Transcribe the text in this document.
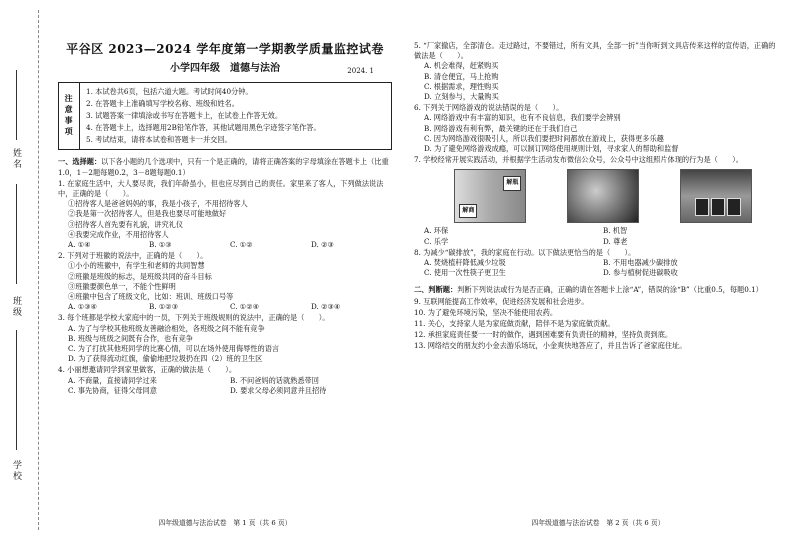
姓名
班级
学校
平谷区 2023—2024 学年度第一学期教学质量监控试卷
小学四年级　道德与法治	2024. 1
注意事项
1. 本试卷共6页，包括六道大题。考试时间40分钟。
2. 在答题卡上准确填写学校名称、班级和姓名。
3. 试题答案一律填涂或书写在答题卡上，在试卷上作答无效。
4. 在答题卡上，选择题用2B铅笔作答，其他试题用黑色字迹签字笔作答。
5. 考试结束，请将本试卷和答题卡一并交回。
一、选择题：以下各小题的几个选项中，只有一个是正确的，请将正确答案的字母填涂在答题卡上（比重1.0，1－2题每题0.2，3－8题每题0.1）
1. 在家庭生活中，大人要尽责，我们年龄虽小，但也应尽到自己的责任。家里来了客人，下列做法说法中，正确的是（　　）。
①招待客人是爸爸妈妈的事，我是小孩子，不用招待客人
②我是第一次招待客人，但是我也要尽可能地做好
③招待客人首先要有礼貌，讲究礼仪
④我要完成作业，不用招待客人
A. ①④	B. ①③	C. ①②	D. ②③
2. 下列对于班徽的说法中，正确的是（　　）。
①小小的班徽中，有学生和老师的共同智慧
②班徽是班级的标志，是班级共同的奋斗目标
③班徽要颜色单一，不能个性鲜明
④班徽中包含了班级文化，比如：班训、班级口号等
A. ①③④	B. ①②③	C. ①②④	D. ②③④
3. 每个班都是学校大家庭中的一员，下列关于班级规则的说法中，正确的是（　　）。
A. 为了与学校其他班级友善融洽相处，各班级之间不能有竞争
B. 班级与班级之间既有合作，也有竞争
C. 为了打扰其他班同学的比赛心情，可以在场外使用侮辱性的语言
D. 为了获得流动红旗，偷偷地把垃圾扔在四（2）班的卫生区
4. 小丽想邀请同学到家里做客，正确的做法是（　　）。
A. 不商量，直接请同学过来	B. 不问爸妈的话就熟悉带回
C. 事先协商，征得父母同意	D. 要求父母必须同意并且招待
四年级道德与法治试卷　第 1 页（共 6 页）
5. “厂家撤店，全部清仓。走过路过，不要错过，所有文具，全部一折”当你听到文具店传来这样的宣传语，正确的做法是（　　）。
A. 机会难得，赶紧购买
B. 清仓便宜，马上抢购
C. 根据需求，理性购买
D. 立刻参与，大量购买
6. 下列关于网络游戏的说法错误的是（　　）。
A. 网络游戏中有丰富的知识，也有不良信息，我们要学会辨别
B. 网络游戏有利有弊，最关键的还在于我们自己
C. 因为网络游戏很吸引人，所以我们要把时间都放在游戏上，获得更多乐趣
D. 为了避免网络游戏成瘾，可以制订网络使用规则计划，寻求家人的帮助和监督
7. 学校经常开展实践活动，并根据学生活动发布微信公众号，公众号中这组照片体现的行为是（　　）。
解瓶
解商
A. 环保	B. 机智
C. 乐学	D. 尊老
8. 为减少“碳排放”，我的家庭在行动。以下做法更恰当的是（　　）。
A. 焚烧植秆降低减少垃圾	B. 不用电器减少碳排放
C. 使用一次性筷子更卫生	D. 参与植树促进碳吸收
二、判断题：判断下列说法或行为是否正确，正确的请在答题卡上涂“A”，错误的涂“B”（比重0.5，每题0.1）
9. 互联网能提高工作效率，促进经济发展和社会进步。
10. 为了避免环境污染，坚决不能使用农药。
11. 关心，支持家人是为家庭做贡献，陪伴不是为家庭做贡献。
12. 承担家庭责任要一一时的做作，遇到困难要有负责任的精神，坚持负责到底。
13. 网络结交的朋友约小金去游乐场玩，小金爽快地答应了，并且告诉了爸家庭住址。
四年级道德与法治试卷　第 2 页（共 6 页）
